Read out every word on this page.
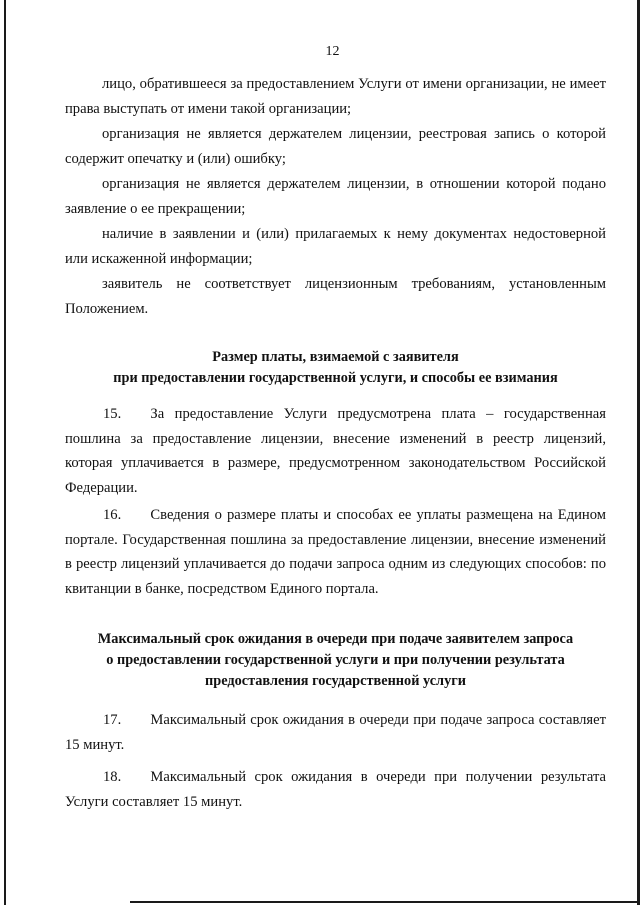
12

лицо, обратившееся за предоставлением Услуги от имени организации, не имеет права выступать от имени такой организации;

организация не является держателем лицензии, реестровая запись о которой содержит опечатку и (или) ошибку;

организация не является держателем лицензии, в отношении которой подано заявление о ее прекращении;

наличие в заявлении и (или) прилагаемых к нему документах недостоверной или искаженной информации;

заявитель не соответствует лицензионным требованиям, установленным Положением.

Размер платы, взимаемой с заявителя
при предоставлении государственной услуги, и способы ее взимания

15.  За предоставление Услуги предусмотрена плата – государственная пошлина за предоставление лицензии, внесение изменений в реестр лицензий, которая уплачивается в размере, предусмотренном законодательством Российской Федерации.

16.  Сведения о размере платы и способах ее уплаты размещена на Едином портале. Государственная пошлина за предоставление лицензии, внесение изменений в реестр лицензий уплачивается до подачи запроса одним из следующих способов: по квитанции в банке, посредством Единого портала.

Максимальный срок ожидания в очереди при подаче заявителем запроса
о предоставлении государственной услуги и при получении результата
предоставления государственной услуги

17.  Максимальный срок ожидания в очереди при подаче запроса составляет 15 минут.

18.  Максимальный срок ожидания в очереди при получении результата Услуги составляет 15 минут.
